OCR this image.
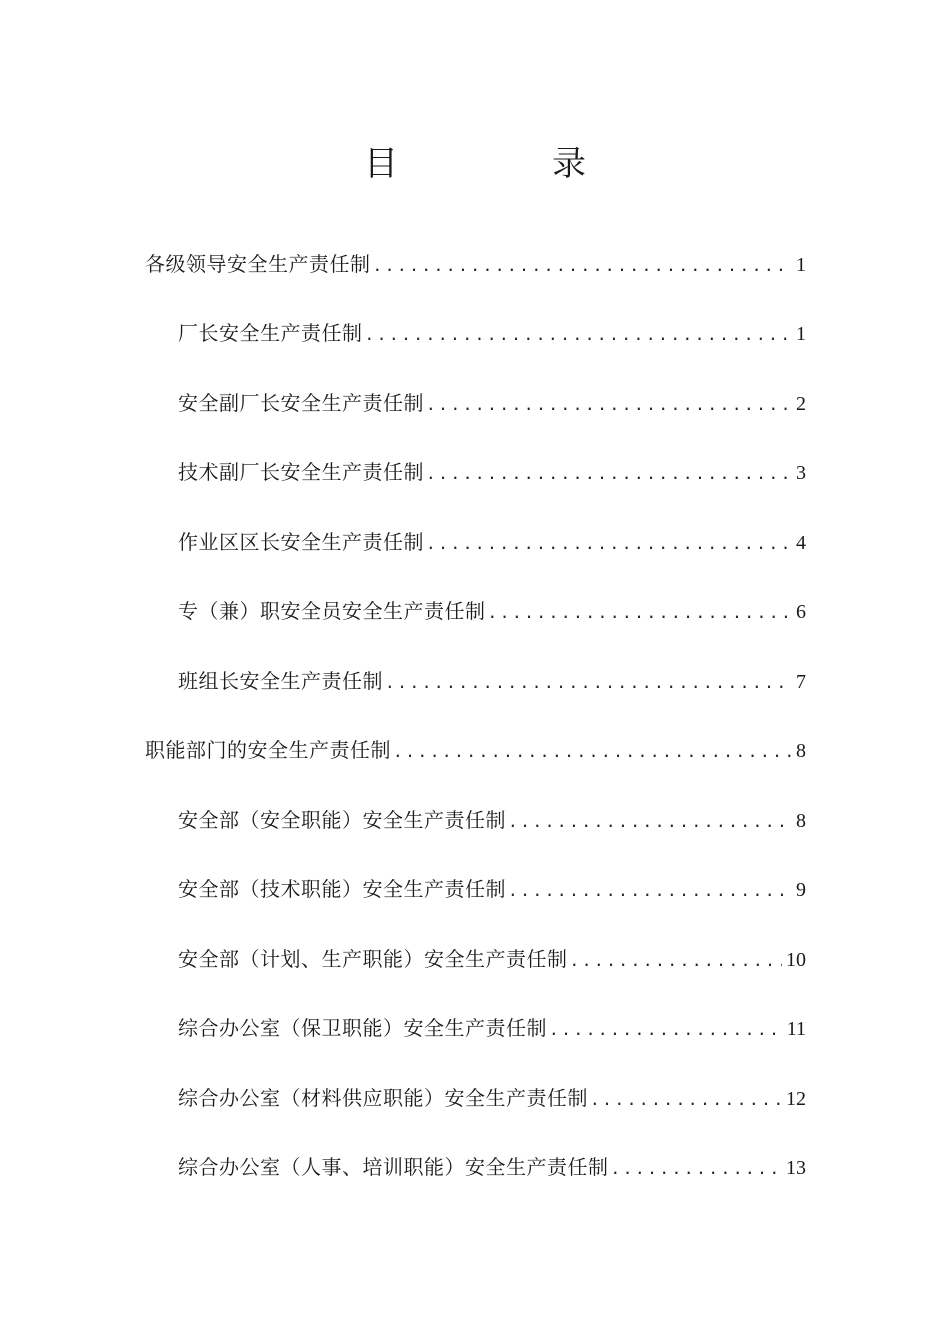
目　录
各级领导安全生产责任制 .....	1
厂长安全生产责任制 .....	1
安全副厂长安全生产责任制 .....	2
技术副厂长安全生产责任制 .....	3
作业区区长安全生产责任制 .....	4
专（兼）职安全员安全生产责任制 .....	6
班组长安全生产责任制 .....	7
职能部门的安全生产责任制 .....	8
安全部（安全职能）安全生产责任制 .....	8
安全部（技术职能）安全生产责任制 .....	9
安全部（计划、生产职能）安全生产责任制 .....	10
综合办公室（保卫职能）安全生产责任制 .....	11
综合办公室（材料供应职能）安全生产责任制 .....	12
综合办公室（人事、培训职能）安全生产责任制 .....	13
